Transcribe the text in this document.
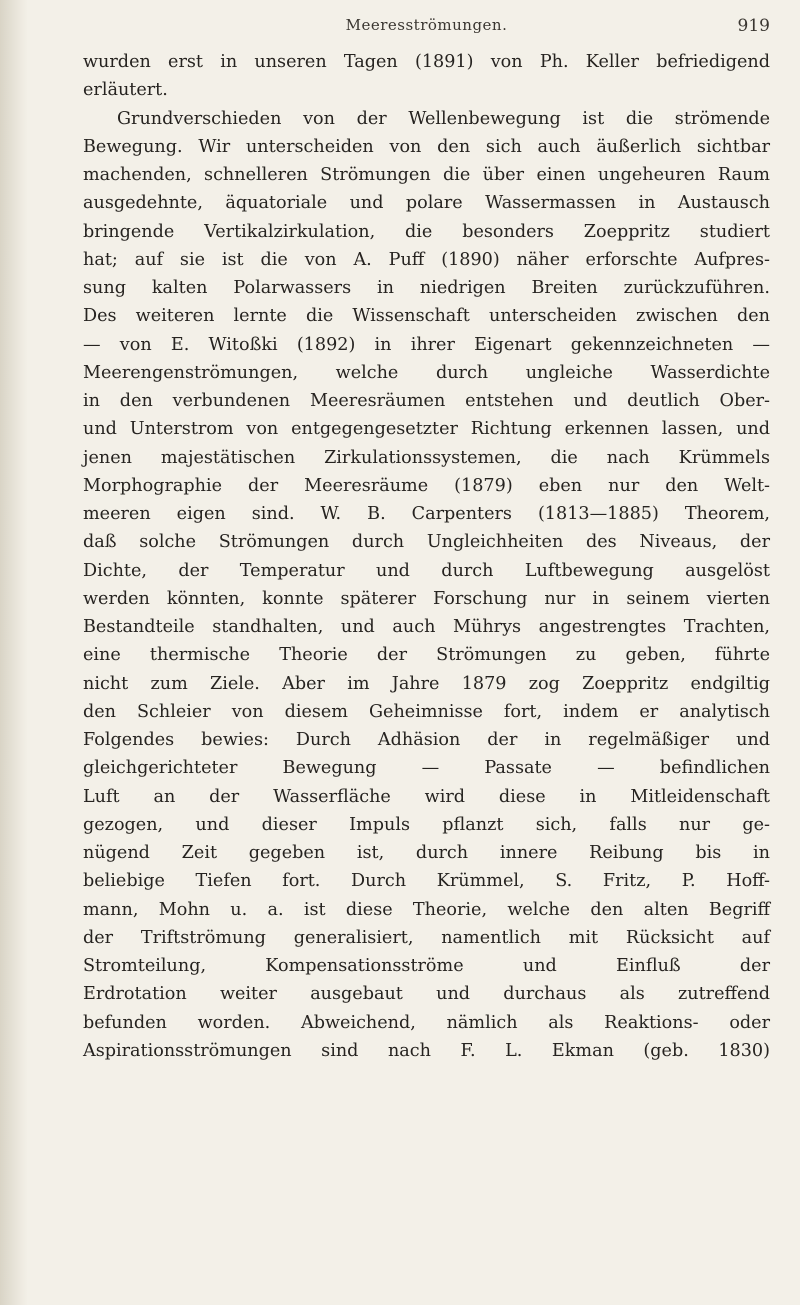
Meeresströmungen.	919
wurden erst in unseren Tagen (1891) von Ph. Keller befriedigend
erläutert.
Grundverschieden von der Wellenbewegung ist die strömende
Bewegung. Wir unterscheiden von den sich auch äußerlich sichtbar
machenden, schnelleren Strömungen die über einen ungeheuren Raum
ausgedehnte, äquatoriale und polare Wassermassen in Austausch
bringende Vertikalzirkulation, die besonders Zoeppritz studiert
hat; auf sie ist die von A. Puff (1890) näher erforschte Aufpres-
sung kalten Polarwassers in niedrigen Breiten zurückzuführen.
Des weiteren lernte die Wissenschaft unterscheiden zwischen den
— von E. Witoßki (1892) in ihrer Eigenart gekennzeichneten —
Meerengenströmungen, welche durch ungleiche Wasserdichte
in den verbundenen Meeresräumen entstehen und deutlich Ober-
und Unterstrom von entgegengesetzter Richtung erkennen lassen, und
jenen majestätischen Zirkulationssystemen, die nach Krümmels
Morphographie der Meeresräume (1879) eben nur den Welt-
meeren eigen sind. W. B. Carpenters (1813—1885) Theorem,
daß solche Strömungen durch Ungleichheiten des Niveaus, der
Dichte, der Temperatur und durch Luftbewegung ausgelöst
werden könnten, konnte späterer Forschung nur in seinem vierten
Bestandteile standhalten, und auch Mührys angestrengtes Trachten,
eine thermische Theorie der Strömungen zu geben, führte
nicht zum Ziele. Aber im Jahre 1879 zog Zoeppritz endgiltig
den Schleier von diesem Geheimnisse fort, indem er analytisch
Folgendes bewies: Durch Adhäsion der in regelmäßiger und
gleichgerichteter Bewegung — Passate — befindlichen
Luft an der Wasserfläche wird diese in Mitleidenschaft
gezogen, und dieser Impuls pflanzt sich, falls nur ge-
nügend Zeit gegeben ist, durch innere Reibung bis in
beliebige Tiefen fort. Durch Krümmel, S. Fritz, P. Hoff-
mann, Mohn u. a. ist diese Theorie, welche den alten Begriff
der Triftströmung generalisiert, namentlich mit Rücksicht auf
Stromteilung, Kompensationsströme und Einfluß der
Erdrotation weiter ausgebaut und durchaus als zutreffend
befunden worden. Abweichend, nämlich als Reaktions- oder
Aspirationsströmungen sind nach F. L. Ekman (geb. 1830)
